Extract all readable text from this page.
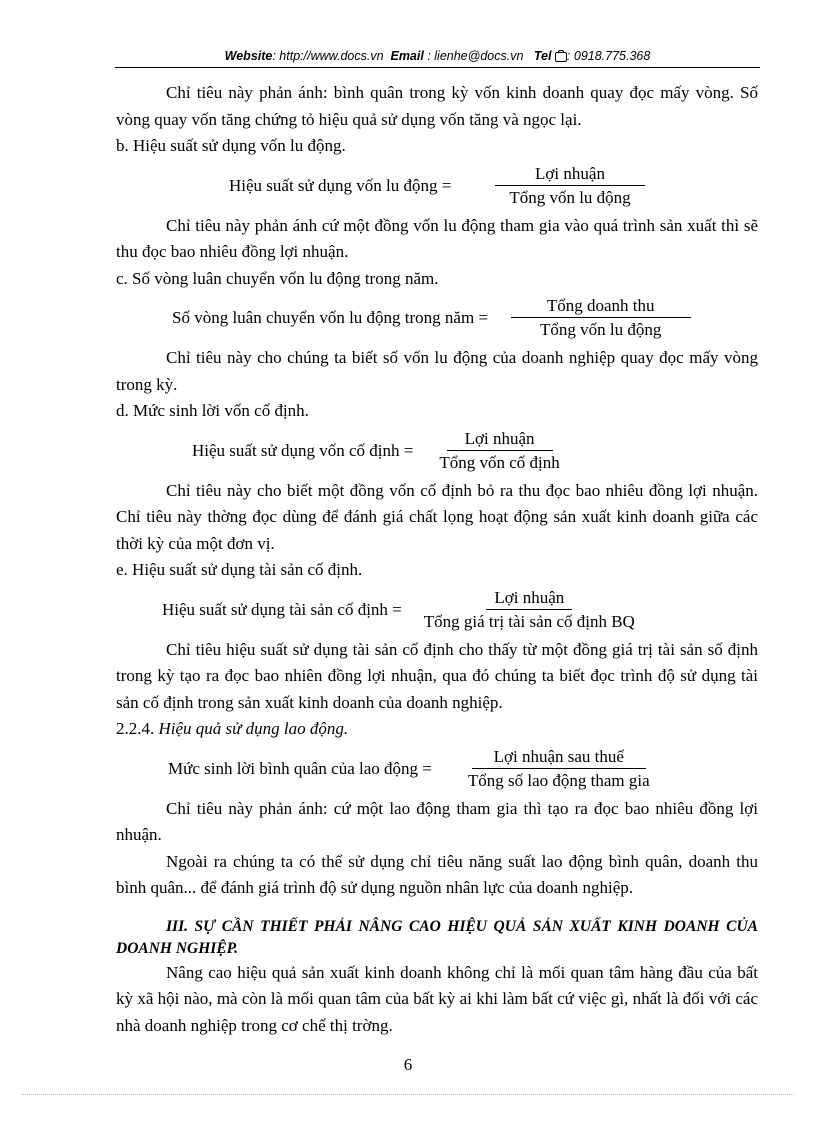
Website: http://www.docs.vn Email : lienhe@docs.vn Tel : 0918.775.368

Chỉ tiêu này phản ánh: bình quân trong kỳ vốn kinh doanh quay đọc mấy vòng. Số vòng quay vốn tăng chứng tỏ hiệu quả sử dụng vốn tăng và ngọc lại.

b. Hiệu suất sử dụng vốn lu động.

Hiệu suất sử dụng vốn lu động = $\frac{\text{Lợi nhuận}}{\text{Tổng vốn lu động}}$

Chỉ tiêu này phản ánh cứ một đồng vốn lu động tham gia vào quá trình sản xuất thì sẽ thu đọc bao nhiêu đồng lợi nhuận.

c. Số vòng luân chuyển vốn lu động trong năm.

Số vòng luân chuyển vốn lu động trong năm = $\frac{\text{Tổng doanh thu}}{\text{Tổng vốn lu động}}$

Chỉ tiêu này cho chúng ta biết số vốn lu động của doanh nghiệp quay đọc mấy vòng trong kỳ.

d. Mức sinh lời vốn cố định.

Hiệu suất sử dụng vốn cố định = $\frac{\text{Lợi nhuận}}{\text{Tổng vốn cố định}}$

Chỉ tiêu này cho biết một đồng vốn cố định bỏ ra thu đọc bao nhiêu đồng lợi nhuận. Chỉ tiêu này thờng đọc dùng để đánh giá chất lọng hoạt động sản xuất kinh doanh giữa các thời kỳ của một đơn vị.

e. Hiệu suất sử dụng tài sản cố định.

Hiệu suất sử dụng tài sản cố định = $\frac{\text{Lợi nhuận}}{\text{Tổng giá trị tài sản cố định BQ}}$

Chỉ tiêu hiệu suất sử dụng tài sản cố định cho thấy từ một đồng giá trị tài sản số định trong kỳ tạo ra đọc bao nhiên đồng lợi nhuận, qua đó chúng ta biết đọc trình độ sử dụng tài sản cố định trong sản xuất kinh doanh của doanh nghiệp.

2.2.4. Hiệu quả sử dụng lao động.

Mức sinh lời bình quân của lao động = $\frac{\text{Lợi nhuận sau thuế}}{\text{Tổng số lao động tham gia}}$

Chỉ tiêu này phản ánh: cứ một lao động tham gia thì tạo ra đọc bao nhiêu đồng lợi nhuận.

Ngoài ra chúng ta có thể sử dụng chỉ tiêu năng suất lao động bình quân, doanh thu bình quân... để đánh giá trình độ sử dụng nguồn nhân lực của doanh nghiệp.

III. SỰ CẦN THIẾT PHẢI NÂNG CAO HIỆU QUẢ SẢN XUẤT KINH DOANH CỦA DOANH NGHIỆP.

Nâng cao hiệu quả sản xuất kinh doanh không chỉ là mối quan tâm hàng đầu của bất kỳ xã hội nào, mà còn là mối quan tâm của bất kỳ ai khi làm bất cứ việc gì, nhất là đối với các nhà doanh nghiệp trong cơ chế thị trờng.

6
